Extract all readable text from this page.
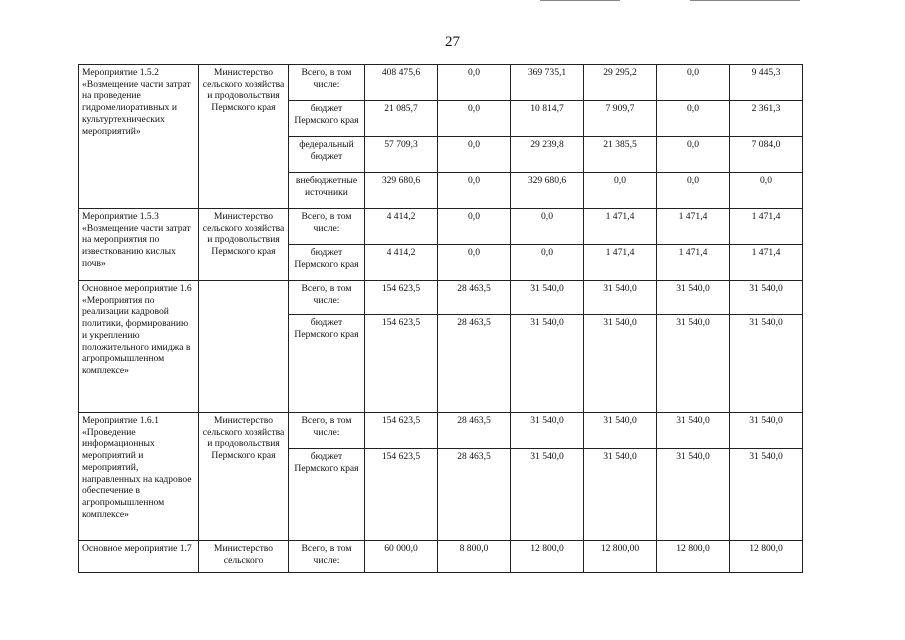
27
Мероприятие 1.5.2
«Возмещение части затрат на проведение гидромелиоративных и культуртехнических мероприятий»	Министерство сельского хозяйства и продовольствия Пермского края	Всего, в том числе:	408 475,6	0,0	369 735,1	29 295,2	0,0	9 445,3
		бюджет Пермского края	21 085,7	0,0	10 814,7	7 909,7	0,0	2 361,3
		федеральный бюджет	57 709,3	0,0	29 239,8	21 385,5	0,0	7 084,0
		внебюджетные источники	329 680,6	0,0	329 680,6	0,0	0,0	0,0
Мероприятие 1.5.3
«Возмещение части затрат на мероприятия по известкованию кислых почв»	Министерство сельского хозяйства и продовольствия Пермского края	Всего, в том числе:	4 414,2	0,0	0,0	1 471,4	1 471,4	1 471,4
		бюджет Пермского края	4 414,2	0,0	0,0	1 471,4	1 471,4	1 471,4
Основное мероприятие 1.6
«Мероприятия по реализации кадровой политики, формированию и укреплению положительного имиджа в агропромышленном комплексе»		Всего, в том числе:	154 623,5	28 463,5	31 540,0	31 540,0	31 540,0	31 540,0
		бюджет Пермского края	154 623,5	28 463,5	31 540,0	31 540,0	31 540,0	31 540,0
Мероприятие 1.6.1
«Проведение информационных мероприятий и мероприятий, направленных на кадровое обеспечение в агропромышленном комплексе»	Министерство сельского хозяйства и продовольствия Пермского края	Всего, в том числе:	154 623,5	28 463,5	31 540,0	31 540,0	31 540,0	31 540,0
		бюджет Пермского края	154 623,5	28 463,5	31 540,0	31 540,0	31 540,0	31 540,0
Основное мероприятие 1.7	Министерство сельского	Всего, в том числе:	60 000,0	8 800,0	12 800,0	12 800,00	12 800,0	12 800,0
